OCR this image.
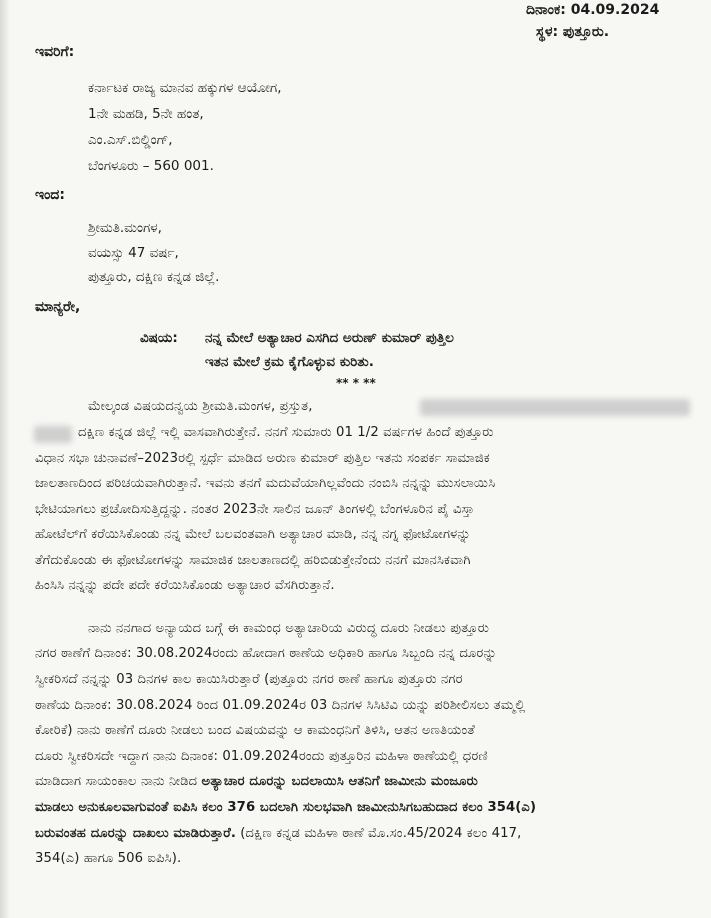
ದಿನಾಂಕ: 04.09.2024
ಸ್ಥಳ: ಪುತ್ತೂರು.
ಇವರಿಗೆ:
ಕರ್ನಾಟಕ ರಾಜ್ಯ ಮಾನವ ಹಕ್ಕುಗಳ ಆಯೋಗ,
1ನೇ ಮಹಡಿ, 5ನೇ ಹಂತ,
ಎಂ.ಎಸ್.ಬಿಲ್ಡಿಂಗ್,
ಬೆಂಗಳೂರು – 560 001.
ಇಂದ:
ಶ್ರೀಮತಿ.ಮಂಗಳ,
ವಯಸ್ಸು 47 ವರ್ಷ,
ಪುತ್ತೂರು, ದಕ್ಷಿಣ ಕನ್ನಡ ಜಿಲ್ಲೆ.
ಮಾನ್ಯರೇ,
ವಿಷಯ: ನನ್ನ ಮೇಲೆ ಅತ್ಯಾಚಾರ ಎಸಗಿದ ಅರುಣ್ ಕುಮಾರ್ ಪುತ್ತಿಲ
ಇತನ ಮೇಲೆ ಕ್ರಮ ಕೈಗೊಳ್ಳುವ ಕುರಿತು.
** * **
ಮೇಲ್ಕಂಡ ವಿಷಯದನ್ವಯ ಶ್ರೀಮತಿ.ಮಂಗಳ, ಪ್ರಸ್ತುತ,
ದಕ್ಷಿಣ ಕನ್ನಡ ಜಿಲ್ಲೆ ಇಲ್ಲಿ ವಾಸವಾಗಿರುತ್ತೇನೆ. ನನಗೆ ಸುಮಾರು 01 1/2 ವರ್ಷಗಳ ಹಿಂದೆ ಪುತ್ತೂರು
ವಿಧಾನ ಸಭಾ ಚುನಾವಣೆ–2023ರಲ್ಲಿ ಸ್ಪರ್ಧೆ ಮಾಡಿದ ಅರುಣ ಕುಮಾರ್ ಪುತ್ತಿಲ ಇತನು ಸಂಪರ್ಕ ಸಾಮಾಜಿಕ
ಜಾಲತಾಣದಿಂದ ಪರಿಚಯವಾಗಿರುತ್ತಾನೆ. ಇವನು ತನಗೆ ಮದುವೆಯಾಗಿಲ್ಲವೆಂದು ನಂಬಿಸಿ ನನ್ನನ್ನು ಮುಸಲಾಯಿಸಿ
ಭೇಟಿಯಾಗಲು ಪ್ರಚೋದಿಸುತ್ತಿದ್ದನ್ನು. ನಂತರ 2023ನೇ ಸಾಲಿನ ಜೂನ್ ತಿಂಗಳಲ್ಲಿ ಬೆಂಗಳೂರಿನ ಪೈ ವಿಸ್ತಾ
ಹೋಟೆಲ್‌ಗೆ ಕರೆಯಿಸಿಕೊಂಡು ನನ್ನ ಮೇಲೆ ಬಲವಂತವಾಗಿ ಅತ್ಯಾಚಾರ ಮಾಡಿ, ನನ್ನ ನಗ್ನ ಫೋಟೋಗಳನ್ನು
ತೆಗೆದುಕೊಂಡು ಈ ಫೋಟೋಗಳನ್ನು ಸಾಮಾಜಿಕ ಜಾಲತಾಣದಲ್ಲಿ ಹರಿಬಿಡುತ್ತೇನೆಂದು ನನಗೆ ಮಾನಸಿಕವಾಗಿ
ಹಿಂಸಿಸಿ ನನ್ನನ್ನು ಪದೇ ಪದೇ ಕರೆಯಿಸಿಕೊಂಡು ಅತ್ಯಾಚಾರ ವೆಸಗಿರುತ್ತಾನೆ.
ನಾನು ನನಗಾದ ಅನ್ಯಾಯದ ಬಗ್ಗೆ ಈ ಕಾಮಂಧ ಅತ್ಯಾಚಾರಿಯ ವಿರುದ್ಧ ದೂರು ನೀಡಲು ಪುತ್ತೂರು
ನಗರ ಠಾಣೆಗೆ ದಿನಾಂಕ: 30.08.2024ರಂದು ಹೋದಾಗ ಠಾಣೆಯ ಅಧಿಕಾರಿ ಹಾಗೂ ಸಿಬ್ಬಂದಿ ನನ್ನ ದೂರನ್ನು
ಸ್ವೀಕರಿಸದೆ ನನ್ನನ್ನು 03 ದಿನಗಳ ಕಾಲ ಕಾಯಿಸಿರುತ್ತಾರೆ (ಪುತ್ತೂರು ನಗರ ಠಾಣೆ ಹಾಗೂ ಪುತ್ತೂರು ನಗರ
ಠಾಣೆಯ ದಿನಾಂಕ: 30.08.2024 ರಿಂದ 01.09.2024ರ 03 ದಿನಗಳ ಸಿಸಿಟಿವಿ ಯನ್ನು ಪರಿಶೀಲಿಸಲು ತಮ್ಮಲ್ಲಿ
ಕೋರಿಕೆ) ನಾನು ಠಾಣೆಗೆ ದೂರು ನೀಡಲು ಬಂದ ವಿಷಯವನ್ನು ಆ ಕಾಮಂಧನಿಗೆ ತಿಳಿಸಿ, ಆತನ ಅಣತಿಯಂತೆ
ದೂರು ಸ್ವೀಕರಿಸದೇ ಇದ್ದಾಗ ನಾನು ದಿನಾಂಕ: 01.09.2024ರಂದು ಪುತ್ತೂರಿನ ಮಹಿಳಾ ಠಾಣೆಯಲ್ಲಿ ಧರಣಿ
ಮಾಡಿದಾಗ ಸಾಯಂಕಾಲ ನಾನು ನೀಡಿದ ಅತ್ಯಾಚಾರ ದೂರನ್ನು ಬದಲಾಯಿಸಿ ಆತನಿಗೆ ಜಾಮೀನು ಮಂಜೂರು
ಮಾಡಲು ಅನುಕೂಲವಾಗುವಂತೆ ಐಪಿಸಿ ಕಲಂ 376 ಬದಲಾಗಿ ಸುಲಭವಾಗಿ ಜಾಮೀನುಸಿಗಬಹುದಾದ ಕಲಂ 354(ಎ)
ಬರುವಂತಹ ದೂರನ್ನು ದಾಖಲು ಮಾಡಿರುತ್ತಾರೆ. (ದಕ್ಷಿಣ ಕನ್ನಡ ಮಹಿಳಾ ಠಾಣೆ ಮೊ.ಸಂ.45/2024 ಕಲಂ 417,
354(ಎ) ಹಾಗೂ 506 ಐಪಿಸಿ).
